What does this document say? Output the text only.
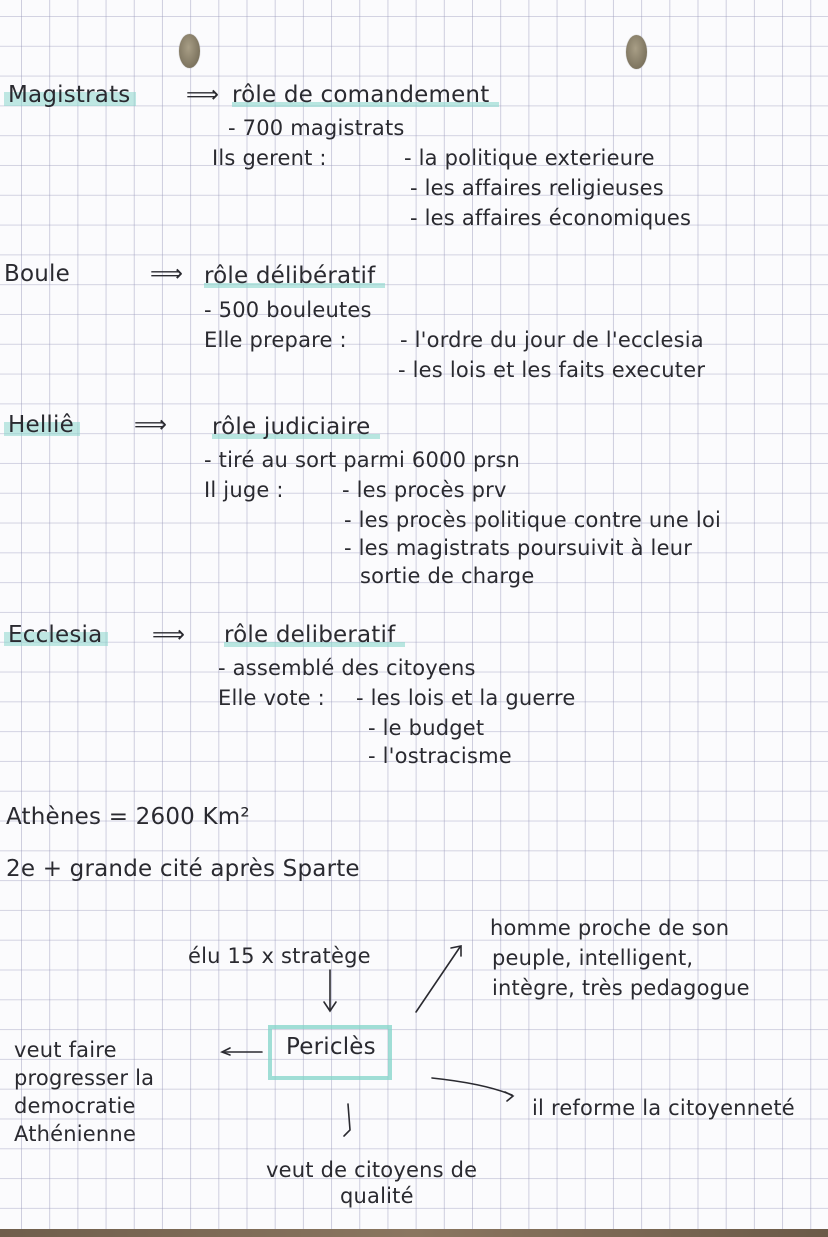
Magistrats ⟹ rôle de comandement
- 700 magistrats
Ils gerent :	- la politique exterieure
- les affaires religieuses
- les affaires économiques
Boule	⟹ rôle délibératif
- 500 bouleutes
Elle prepare :	- l'ordre du jour de l'ecclesia
- les lois et les faits executer
Helliê	⟹ rôle judiciaire
- tiré au sort parmi 6000 prsn
Il juge :	- les procès prv
- les procès politique contre une loi
- les magistrats poursuivit à leur
sortie de charge
Ecclesia ⟹ rôle deliberatif
- assemblé des citoyens
Elle vote : - les lois et la guerre
- le budget
- l'ostracisme
Athènes = 2600 Km²
2e + grande cité après Sparte
Periclès
élu 15 x stratège
homme proche de son
peuple, intelligent,
intègre, très pedagogue
veut faire
progresser la
democratie
Athénienne
il reforme la citoyenneté
veut de citoyens de
qualité
